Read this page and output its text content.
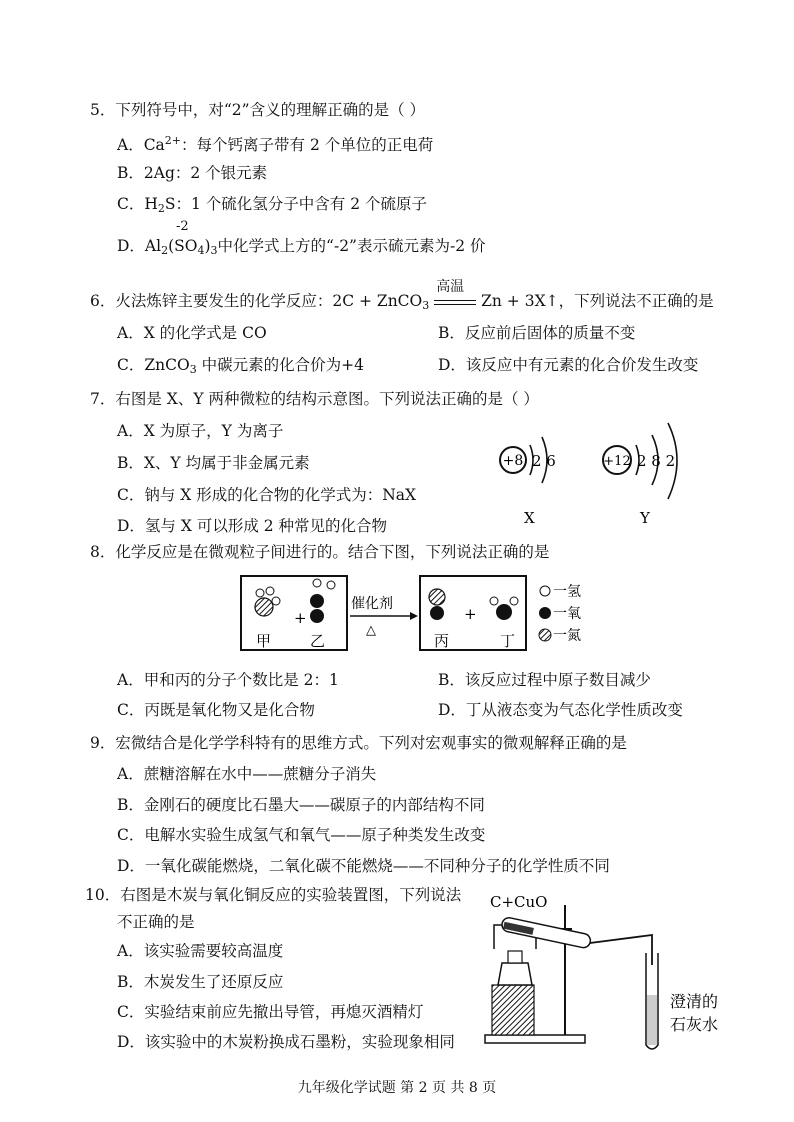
5．下列符号中，对“2”含义的理解正确的是（ ）
A．$Ca^{2+}$：每个钙离子带有 2 个单位的正电荷
B．2Ag：2 个银元素
C．$H_2S$：1 个硫化氢分子中含有 2 个硫原子
-2
D．$Al_2(SO_4)_3$中化学式上方的“-2”表示硫元素为-2 价
6．火法炼锌主要发生的化学反应：2C + ZnCO$_3$
高温
Zn + 3X↑，下列说法不正确的是
A．X 的化学式是 CO	B．反应前后固体的质量不变
C．ZnCO$_3$ 中碳元素的化合价为+4	D．该反应中有元素的化合价发生改变
7．右图是 X、Y 两种微粒的结构示意图。下列说法正确的是（ ）
A．X 为原子，Y 为离子
B．X、Y 均属于非金属元素
C．钠与 X 形成的化合物的化学式为：NaX
D．氢与 X 可以形成 2 种常见的化合物
+8 2 6
X
+12 2 8 2
Y
8．化学反应是在微观粒子间进行的。结合下图，下列说法正确的是
+
甲	乙
催化剂
△
+
丙	丁
一氢
一氧
一氮
A．甲和丙的分子个数比是 2：1	B．该反应过程中原子数目减少
C．丙既是氧化物又是化合物	D．丁从液态变为气态化学性质改变
9．宏微结合是化学学科特有的思维方式。下列对宏观事实的微观解释正确的是
A．蔗糖溶解在水中——蔗糖分子消失
B．金刚石的硬度比石墨大——碳原子的内部结构不同
C．电解水实验生成氢气和氧气——原子种类发生改变
D．一氧化碳能燃烧，二氧化碳不能燃烧——不同种分子的化学性质不同
10．右图是木炭与氧化铜反应的实验装置图，下列说法
不正确的是
A．该实验需要较高温度
B．木炭发生了还原反应
C．实验结束前应先撤出导管，再熄灭酒精灯
D．该实验中的木炭粉换成石墨粉，实验现象相同
C+CuO
澄清的
石灰水
九年级化学试题 第 2 页 共 8 页
